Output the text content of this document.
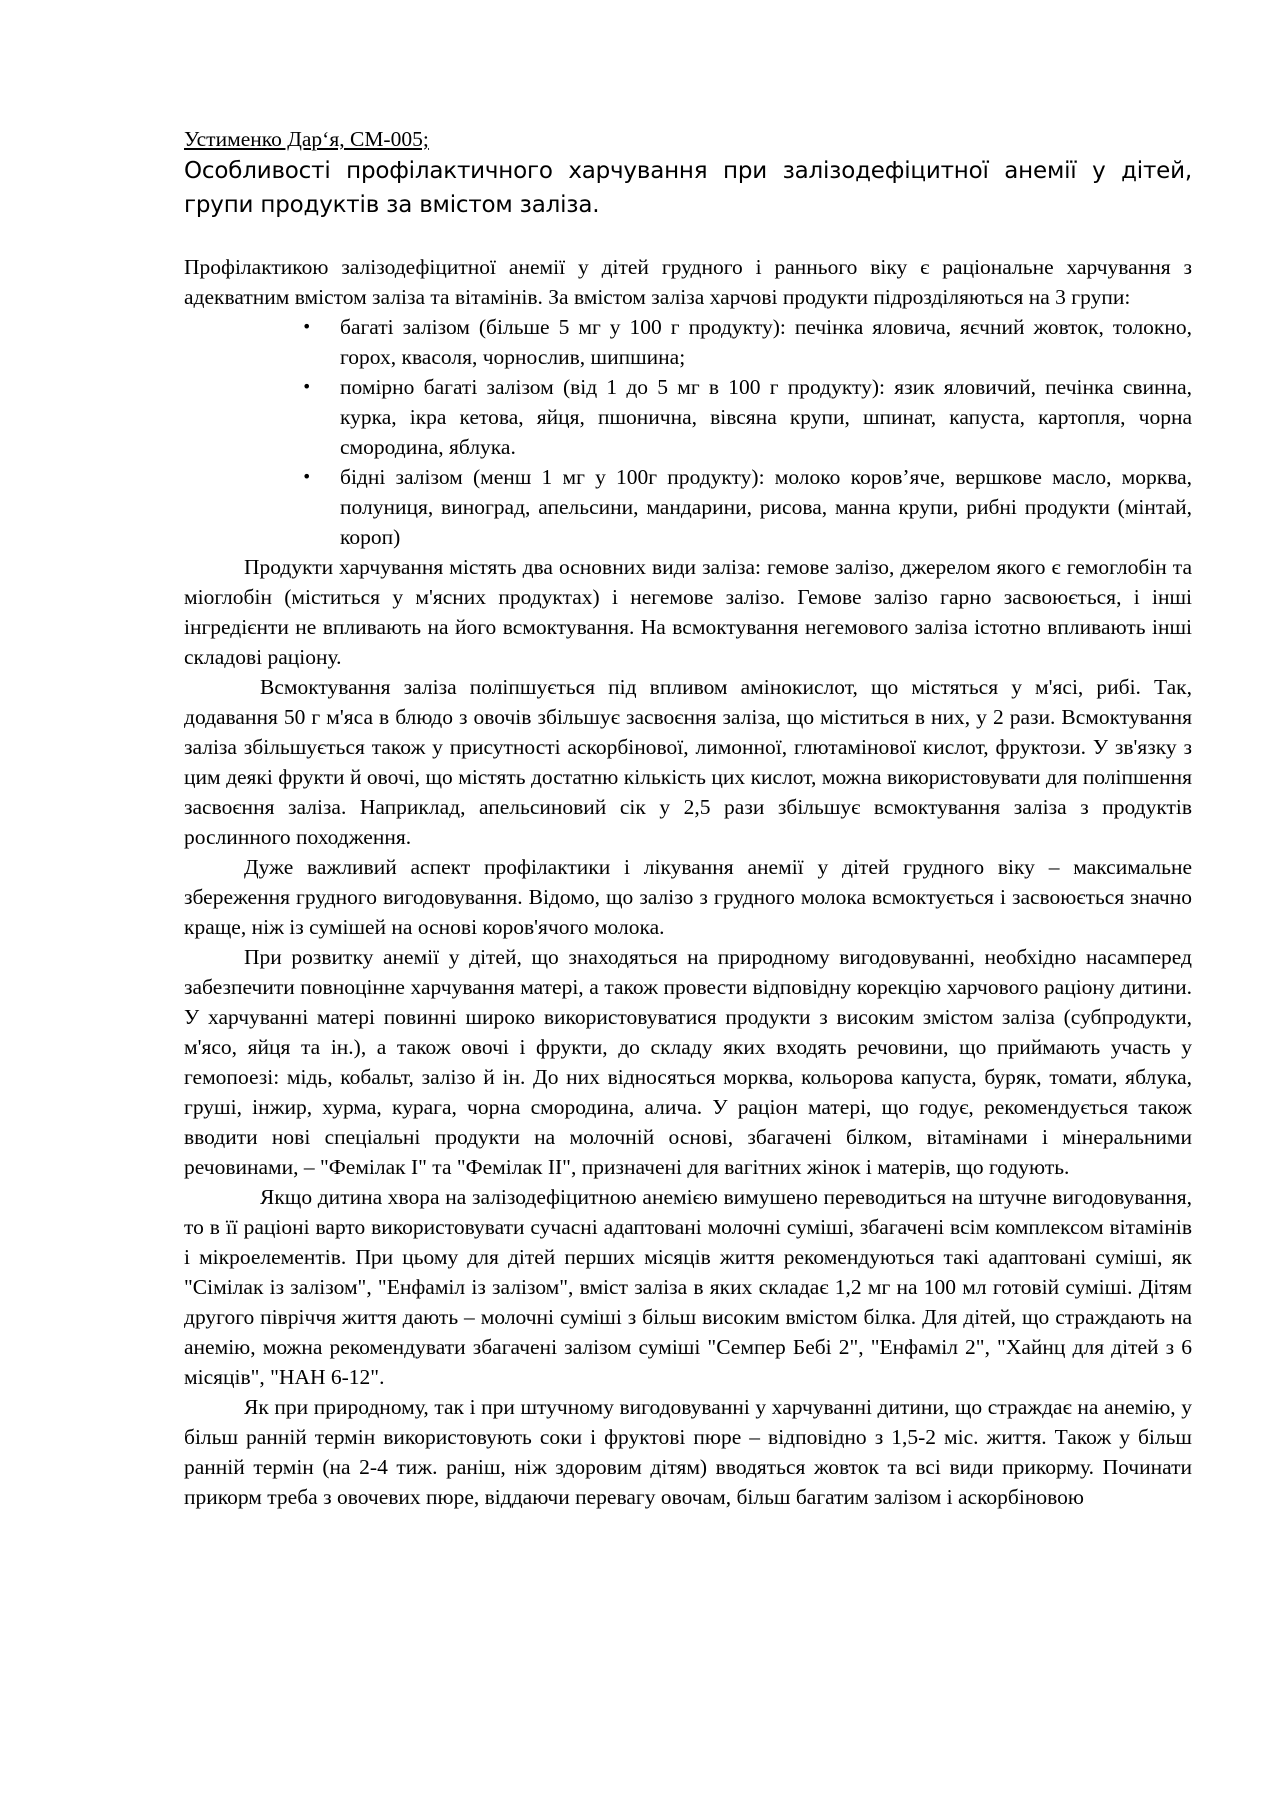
Устименко Дар‘я, СМ-005;

Особливості профілактичного харчування при залізодефіцитної анемії у дітей, групи продуктів за вмістом заліза.

Профілактикою залізодефіцитної анемії у дітей грудного і раннього віку є раціональне харчування з адекватним вмістом заліза та вітамінів. За вмістом заліза харчові продукти підрозділяються на 3 групи:

• багаті залізом (більше 5 мг у 100 г продукту): печінка яловича, яєчний жовток, толокно, горох, квасоля, чорнослив, шипшина;
• помірно багаті залізом (від 1 до 5 мг в 100 г продукту): язик яловичий, печінка свинна, курка, ікра кетова, яйця, пшонична, вівсяна крупи, шпинат, капуста, картопля, чорна смородина, яблука.
• бідні залізом (менш 1 мг у 100г продукту): молоко коров’яче, вершкове масло, морква, полуниця, виноград, апельсини, мандарини, рисова, манна крупи, рибні продукти (мінтай, короп)

Продукти харчування містять два основних види заліза: гемове залізо, джерелом якого є гемоглобін та міоглобін (міститься у м'ясних продуктах) і негемове залізо. Гемове залізо гарно засвоюється, і інші інгредієнти не впливають на його всмоктування. На всмоктування негемового заліза істотно впливають інші складові раціону.

Всмоктування заліза поліпшується під впливом амінокислот, що містяться у м'ясі, рибі. Так, додавання 50 г м'яса в блюдо з овочів збільшує засвоєння заліза, що міститься в них, у 2 рази. Всмоктування заліза збільшується також у присутності аскорбінової, лимонної, глютамінової кислот, фруктози. У зв'язку з цим деякі фрукти й овочі, що містять достатню кількість цих кислот, можна використовувати для поліпшення засвоєння заліза. Наприклад, апельсиновий сік у 2,5 рази збільшує всмоктування заліза з продуктів рослинного походження.

Дуже важливий аспект профілактики і лікування анемії у дітей грудного віку – максимальне збереження грудного вигодовування. Відомо, що залізо з грудного молока всмоктується і засвоюється значно краще, ніж із сумішей на основі коров'ячого молока.

При розвитку анемії у дітей, що знаходяться на природному вигодовуванні, необхідно насамперед забезпечити повноцінне харчування матері, а також провести відповідну корекцію харчового раціону дитини. У харчуванні матері повинні широко використовуватися продукти з високим змістом заліза (субпродукти, м'ясо, яйця та ін.), а також овочі і фрукти, до складу яких входять речовини, що приймають участь у гемопоезі: мідь, кобальт, залізо й ін. До них відносяться морква, кольорова капуста, буряк, томати, яблука, груші, інжир, хурма, курага, чорна смородина, алича. У раціон матері, що годує, рекомендується також вводити нові спеціальні продукти на молочній основі, збагачені білком, вітамінами і мінеральними речовинами, – "Фемілак І" та "Фемілак ІІ", призначені для вагітних жінок і матерів, що годують.

Якщо дитина хвора на залізодефіцитною анемією вимушено переводиться на штучне вигодовування, то в її раціоні варто використовувати сучасні адаптовані молочні суміші, збагачені всім комплексом вітамінів і мікроелементів. При цьому для дітей перших місяців життя рекомендуються такі адаптовані суміші, як "Сімілак із залізом", "Енфаміл із залізом", вміст заліза в яких складає 1,2 мг на 100 мл готовій суміші. Дітям другого півріччя життя дають – молочні суміші з більш високим вмістом білка. Для дітей, що страждають на анемію, можна рекомендувати збагачені залізом суміші "Семпер Бебі 2", "Енфаміл 2", "Хайнц для дітей з 6 місяців", "НАН 6-12".

Як при природному, так і при штучному вигодовуванні у харчуванні дитини, що страждає на анемію, у більш ранній термін використовують соки і фруктові пюре – відповідно з 1,5-2 міс. життя. Також у більш ранній термін (на 2-4 тиж. раніш, ніж здоровим дітям) вводяться жовток та всі види прикорму. Починати прикорм треба з овочевих пюре, віддаючи перевагу овочам, більш багатим залізом і аскорбіновою
